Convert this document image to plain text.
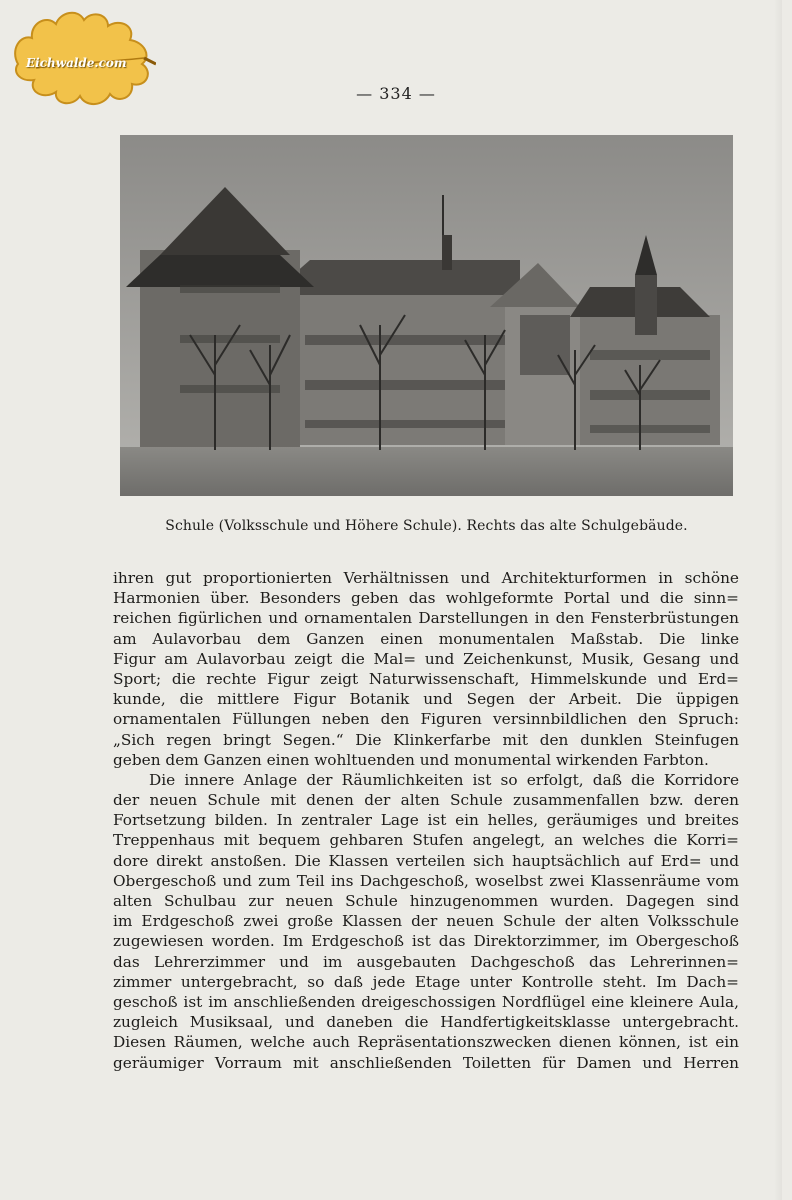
Eichwalde.com
— 334 —
Schule (Volksschule und Höhere Schule). Rechts das alte Schulgebäude.
ihren gut proportionierten Verhältnissen und Architekturformen in schöne
Harmonien über. Besonders geben das wohlgeformte Portal und die sinn=
reichen figürlichen und ornamentalen Darstellungen in den Fensterbrüstungen
am Aulavorbau dem Ganzen einen monumentalen Maßstab. Die linke
Figur am Aulavorbau zeigt die Mal= und Zeichenkunst, Musik, Gesang und
Sport; die rechte Figur zeigt Naturwissenschaft, Himmelskunde und Erd=
kunde, die mittlere Figur Botanik und Segen der Arbeit. Die üppigen
ornamentalen Füllungen neben den Figuren versinnbildlichen den Spruch:
„Sich regen bringt Segen.“ Die Klinkerfarbe mit den dunklen Steinfugen
geben dem Ganzen einen wohltuenden und monumental wirkenden Farbton.
Die innere Anlage der Räumlichkeiten ist so erfolgt, daß die Korridore
der neuen Schule mit denen der alten Schule zusammenfallen bzw. deren
Fortsetzung bilden. In zentraler Lage ist ein helles, geräumiges und breites
Treppenhaus mit bequem gehbaren Stufen angelegt, an welches die Korri=
dore direkt anstoßen. Die Klassen verteilen sich hauptsächlich auf Erd= und
Obergeschoß und zum Teil ins Dachgeschoß, woselbst zwei Klassenräume vom
alten Schulbau zur neuen Schule hinzugenommen wurden. Dagegen sind
im Erdgeschoß zwei große Klassen der neuen Schule der alten Volksschule
zugewiesen worden. Im Erdgeschoß ist das Direktorzimmer, im Obergeschoß
das Lehrerzimmer und im ausgebauten Dachgeschoß das Lehrerinnen=
zimmer untergebracht, so daß jede Etage unter Kontrolle steht. Im Dach=
geschoß ist im anschließenden dreigeschossigen Nordflügel eine kleinere Aula,
zugleich Musiksaal, und daneben die Handfertigkeitsklasse untergebracht.
Diesen Räumen, welche auch Repräsentationszwecken dienen können, ist ein
geräumiger Vorraum mit anschließenden Toiletten für Damen und Herren
